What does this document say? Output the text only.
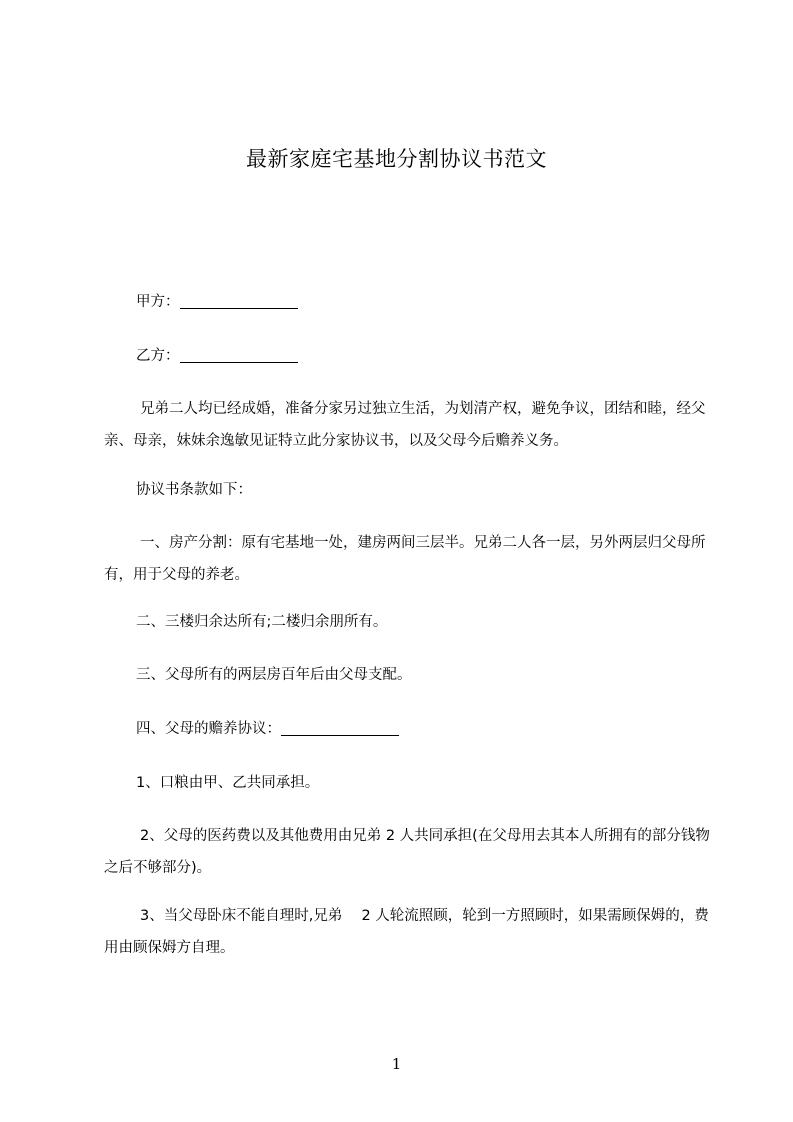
最新家庭宅基地分割协议书范文
甲方：
乙方：
兄弟二人均已经成婚，准备分家另过独立生活，为划清产权，避免争议，团结和睦，经父亲、母亲，妹妹余逸敏见证特立此分家协议书，以及父母今后赡养义务。
协议书条款如下：
一、房产分割：原有宅基地一处，建房两间三层半。兄弟二人各一层，另外两层归父母所有，用于父母的养老。
二、三楼归余达所有;二楼归余朋所有。
三、父母所有的两层房百年后由父母支配。
四、父母的赡养协议：
1、口粮由甲、乙共同承担。
2、父母的医药费以及其他费用由兄弟 2 人共同承担(在父母用去其本人所拥有的部分钱物之后不够部分)。
3、当父母卧床不能自理时,兄弟 　2 人轮流照顾，轮到一方照顾时，如果需顾保姆的，费用由顾保姆方自理。
1
